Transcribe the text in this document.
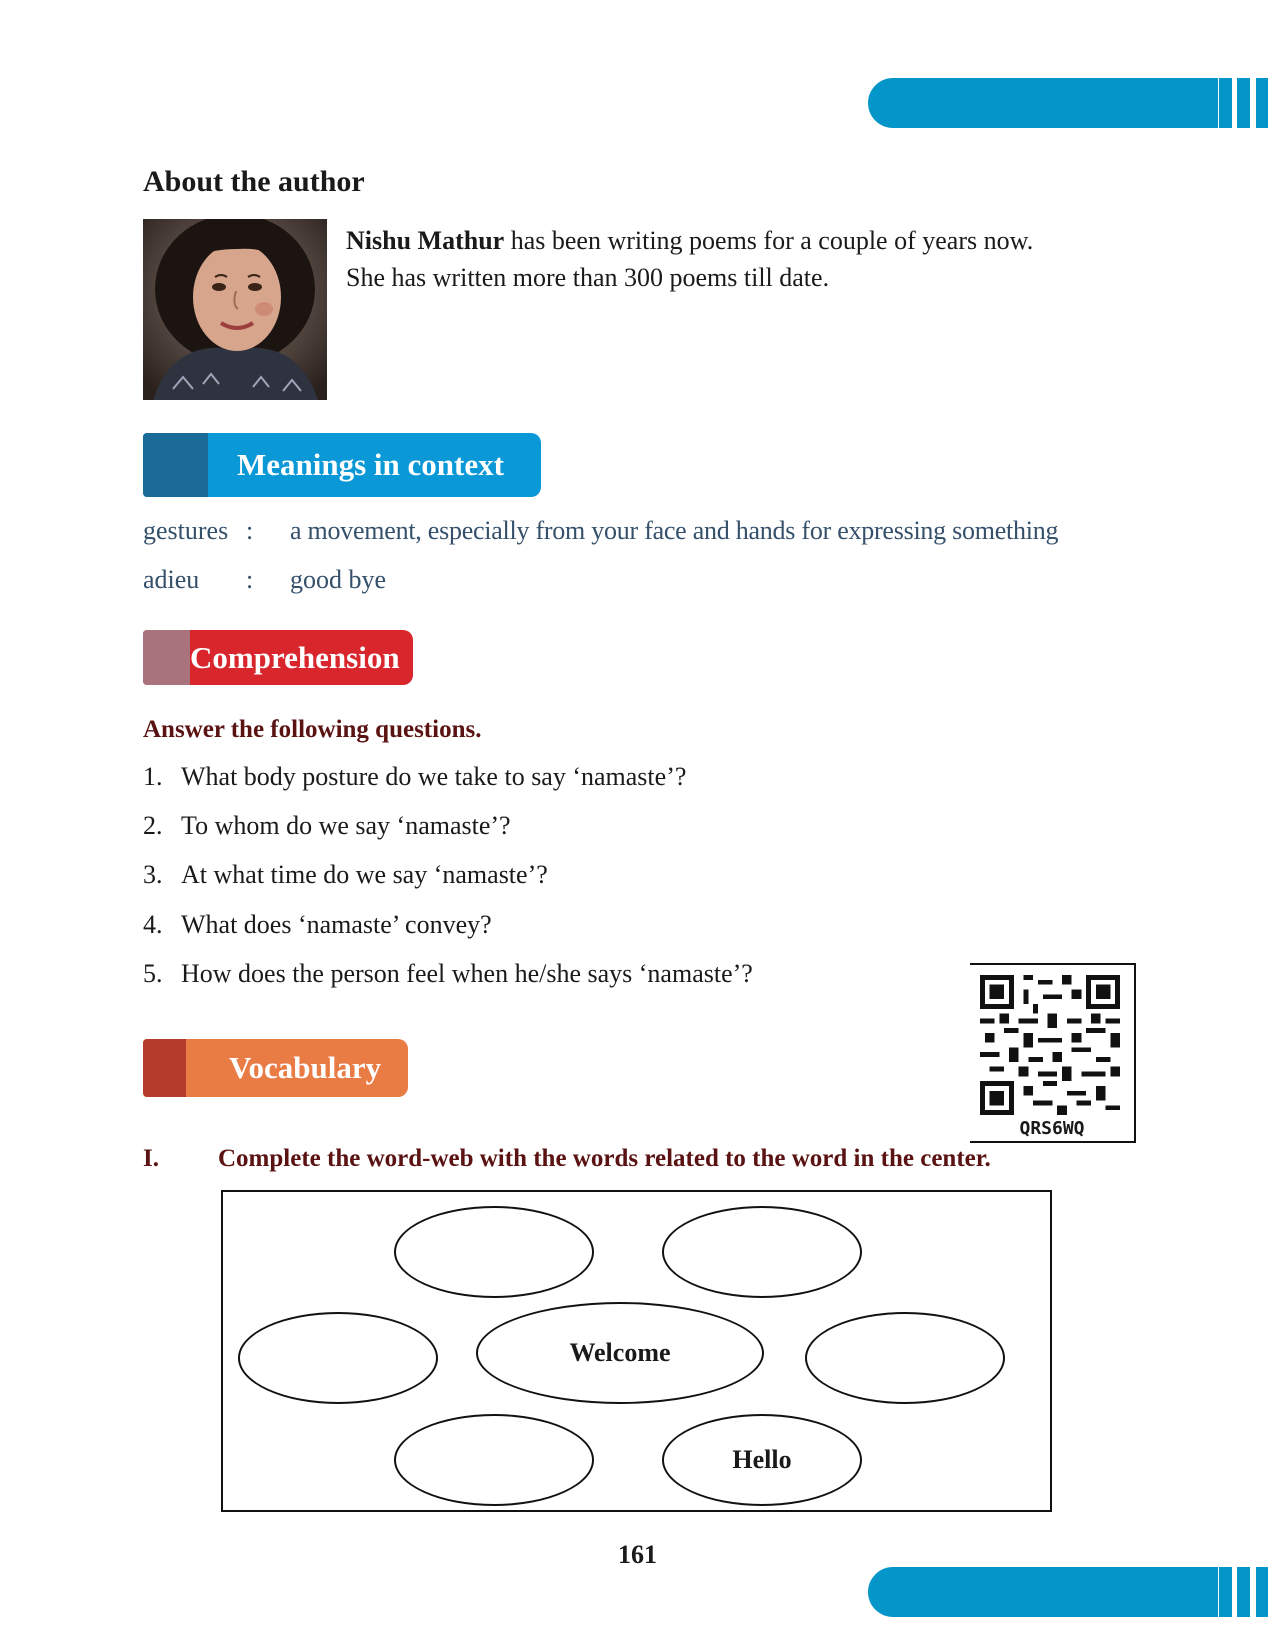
About the author
Nishu Mathur has been writing poems for a couple of years now.
She has written more than 300 poems till date.
Meanings in context
gestures : a movement, especially from your face and hands for expressing something
adieu : good bye
Comprehension
Answer the following questions.
1. What body posture do we take to say ‘namaste’?
2. To whom do we say ‘namaste’?
3. At what time do we say ‘namaste’?
4. What does ‘namaste’ convey?
5. How does the person feel when he/she says ‘namaste’?
QRS6WQ
Vocabulary
I. Complete the word-web with the words related to the word in the center.
Welcome
Hello
161
